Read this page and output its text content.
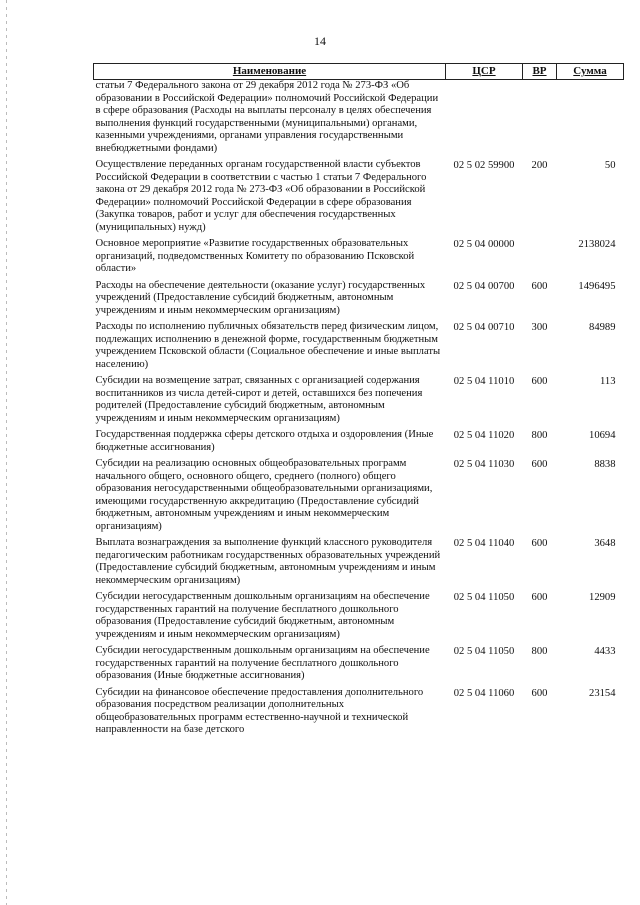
14
Наименование	ЦСР	ВР	Сумма
статьи 7 Федерального закона от 29 декабря 2012 года № 273-ФЗ «Об образовании в Российской Федерации» полномочий Российской Федерации в сфере образования (Расходы на выплаты персоналу в целях обеспечения выполнения функций государственными (муниципальными) органами, казенными учреждениями, органами управления государственными внебюджетными фондами)			
Осуществление переданных органам государственной власти субъектов Российской Федерации в соответствии с частью 1 статьи 7 Федерального закона от 29 декабря 2012 года № 273-ФЗ «Об образовании в Российской Федерации» полномочий Российской Федерации в сфере образования (Закупка товаров, работ и услуг для обеспечения государственных (муниципальных) нужд)	02 5 02 59900	200	50
Основное мероприятие «Развитие государственных образовательных организаций, подведомственных Комитету по образованию Псковской области»	02 5 04 00000		2138024
Расходы на обеспечение деятельности (оказание услуг) государственных учреждений (Предоставление субсидий бюджетным, автономным учреждениям и иным некоммерческим организациям)	02 5 04 00700	600	1496495
Расходы по исполнению публичных обязательств перед физическим лицом, подлежащих исполнению в денежной форме, государственным бюджетным учреждением Псковской области (Социальное обеспечение и иные выплаты населению)	02 5 04 00710	300	84989
Субсидии на возмещение затрат, связанных с организацией содержания воспитанников из числа детей-сирот и детей, оставшихся без попечения родителей (Предоставление субсидий бюджетным, автономным учреждениям и иным некоммерческим организациям)	02 5 04 11010	600	113
Государственная поддержка сферы детского отдыха и оздоровления (Иные бюджетные ассигнования)	02 5 04 11020	800	10694
Субсидии на реализацию основных общеобразовательных программ начального общего, основного общего, среднего (полного) общего образования негосударственными общеобразовательными организациями, имеющими государственную аккредитацию (Предоставление субсидий бюджетным, автономным учреждениям и иным некоммерческим организациям)	02 5 04 11030	600	8838
Выплата вознаграждения за выполнение функций классного руководителя педагогическим работникам государственных образовательных учреждений (Предоставление субсидий бюджетным, автономным учреждениям и иным некоммерческим организациям)	02 5 04 11040	600	3648
Субсидии негосударственным дошкольным организациям на обеспечение государственных гарантий на получение бесплатного дошкольного образования (Предоставление субсидий бюджетным, автономным учреждениям и иным некоммерческим организациям)	02 5 04 11050	600	12909
Субсидии негосударственным дошкольным организациям на обеспечение государственных гарантий на получение бесплатного дошкольного образования (Иные бюджетные ассигнования)	02 5 04 11050	800	4433
Субсидии на финансовое обеспечение предоставления дополнительного образования посредством реализации дополнительных общеобразовательных программ естественно-научной и технической направленности на базе детского	02 5 04 11060	600	23154
